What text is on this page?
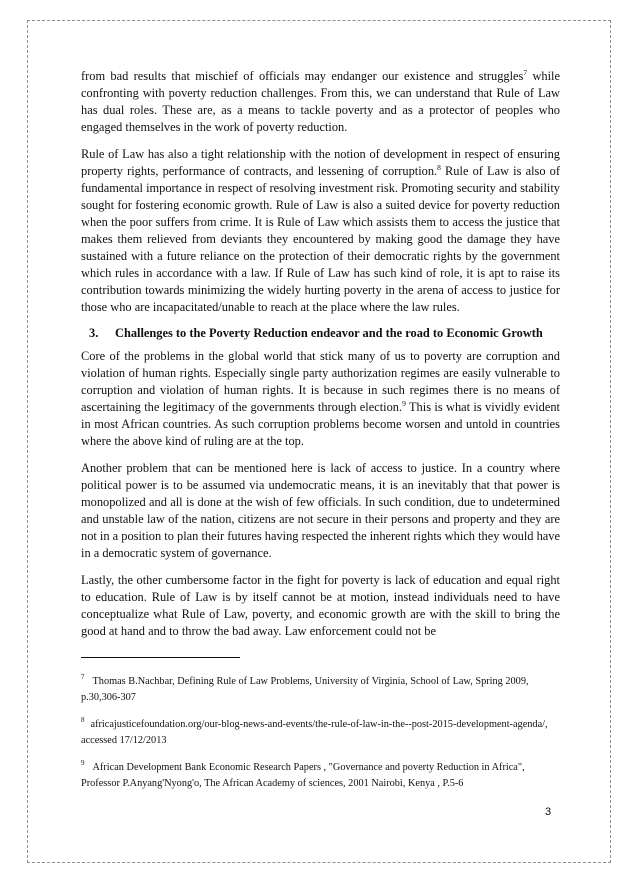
from bad results that mischief of officials may endanger our existence and struggles$^7$ while confronting with poverty reduction challenges. From this, we can understand that Rule of Law has dual roles. These are, as a means to tackle poverty and as a protector of peoples who engaged themselves in the work of poverty reduction.

Rule of Law has also a tight relationship with the notion of development in respect of ensuring property rights, performance of contracts, and lessening of corruption.$^8$ Rule of Law is also of fundamental importance in respect of resolving investment risk. Promoting security and stability sought for fostering economic growth. Rule of Law is also a suited device for poverty reduction when the poor suffers from crime. It is Rule of Law which assists them to access the justice that makes them relieved from deviants they encountered by making good the damage they have sustained with a future reliance on the protection of their democratic rights by the government which rules in accordance with a law. If Rule of Law has such kind of role, it is apt to raise its contribution towards minimizing the widely hurting poverty in the arena of access to justice for those who are incapacitated/unable to reach at the place where the law rules.

3.	Challenges to the Poverty Reduction endeavor and the road to Economic Growth

Core of the problems in the global world that stick many of us to poverty are corruption and violation of human rights. Especially single party authorization regimes are easily vulnerable to corruption and violation of human rights. It is because in such regimes there is no means of ascertaining the legitimacy of the governments through election.$^9$ This is what is vividly evident in most African countries. As such corruption problems become worsen and untold in countries where the above kind of ruling are at the top.

Another problem that can be mentioned here is lack of access to justice. In a country where political power is to be assumed via undemocratic means, it is an inevitably that that power is monopolized and all is done at the wish of few officials. In such condition, due to undetermined and unstable law of the nation, citizens are not secure in their persons and property and they are not in a position to plan their futures having respected the inherent rights which they would have in a democratic system of governance.

Lastly, the other cumbersome factor in the fight for poverty is lack of education and equal right to education. Rule of Law is by itself cannot be at motion, instead individuals need to have conceptualize what Rule of Law, poverty, and economic growth are with the skill to bring the good at hand and to throw the bad away. Law enforcement could not be

$^7$ Thomas B.Nachbar, Defining Rule of Law Problems, University of Virginia, School of Law, Spring 2009, p.30,306-307

$^8$ africajusticefoundation.org/our-blog-news-and-events/the-rule-of-law-in-the--post-2015-development-agenda/, accessed 17/12/2013

$^9$ African Development Bank Economic Research Papers , "Governance and poverty Reduction in Africa", Professor P.Anyang'Nyong'o, The African Academy of sciences, 2001 Nairobi, Kenya , P.5-6

3
